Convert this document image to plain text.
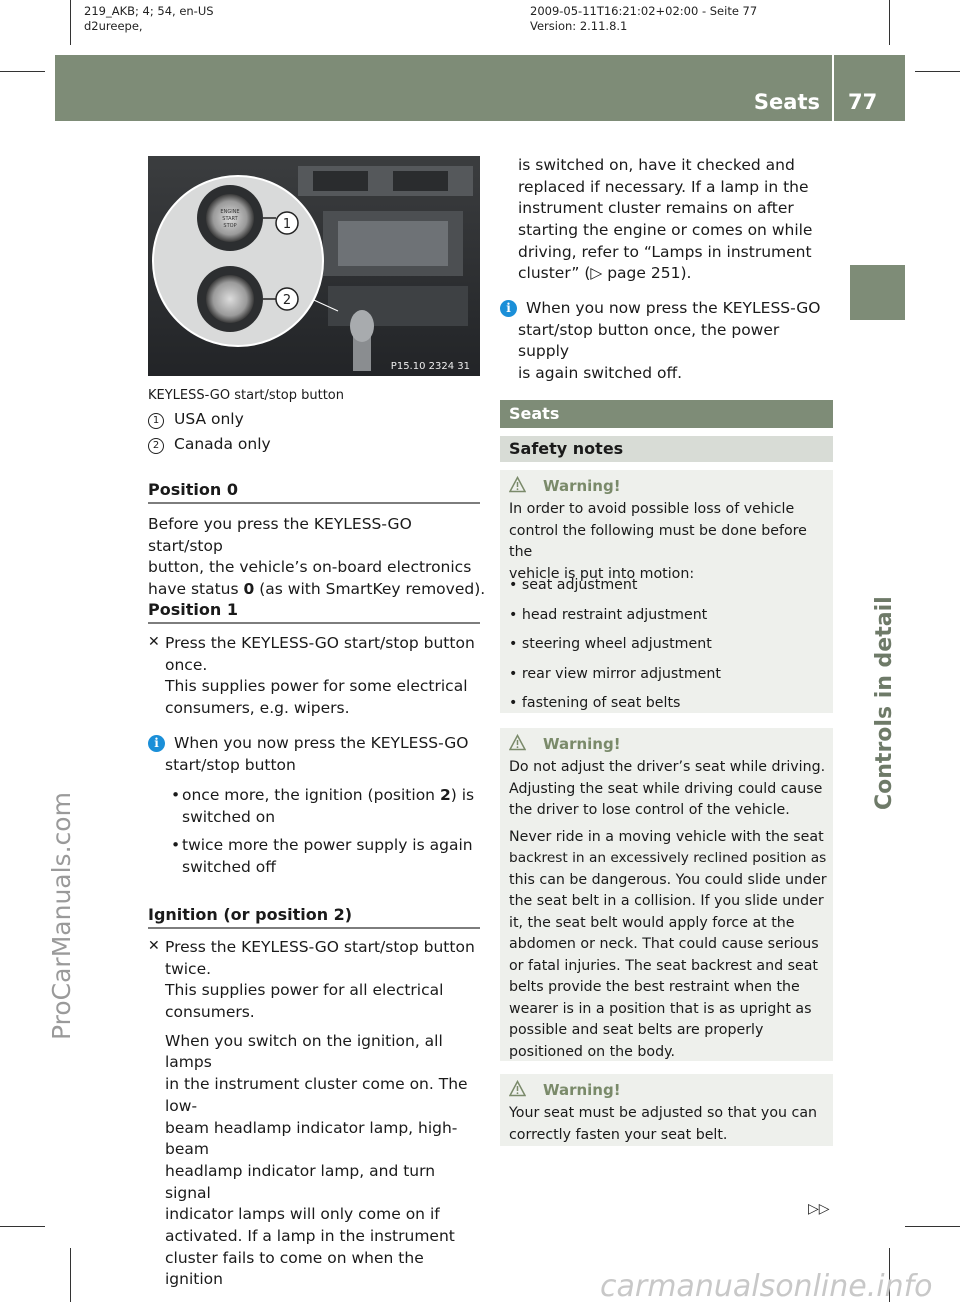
219_AKB; 4; 54, en-US
d2ureepe,
2009-05-11T16:21:02+02:00 - Seite 77
Version: 2.11.8.1
Seats 77
Controls in detail
ProCarManuals.com
ENGINE
START
STOP	1
2
P15.10 2324 31
KEYLESS-GO start/stop button
1 USA only
2 Canada only
Position 0
Before you press the KEYLESS-GO start/stop
button, the vehicle’s on-board electronics
have status 0 (as with SmartKey removed).
Position 1
✕ Press the KEYLESS-GO start/stop button
once.
This supplies power for some electrical
consumers, e.g. wipers.
i When you now press the KEYLESS-GO
start/stop button
• once more, the ignition (position 2) is
switched on
• twice more the power supply is again
switched off
Ignition (or position 2)
✕ Press the KEYLESS-GO start/stop button
twice.
This supplies power for all electrical
consumers.
When you switch on the ignition, all lamps
in the instrument cluster come on. The low-
beam headlamp indicator lamp, high-beam
headlamp indicator lamp, and turn signal
indicator lamps will only come on if
activated. If a lamp in the instrument
cluster fails to come on when the ignition
is switched on, have it checked and
replaced if necessary. If a lamp in the
instrument cluster remains on after
starting the engine or comes on while
driving, refer to “Lamps in instrument
cluster” (▷ page 251).
i When you now press the KEYLESS-GO
start/stop button once, the power supply
is again switched off.
Seats
Safety notes
Warning!
In order to avoid possible loss of vehicle
control the following must be done before the
vehicle is put into motion:
• seat adjustment
• head restraint adjustment
• steering wheel adjustment
• rear view mirror adjustment
• fastening of seat belts
Warning!
Do not adjust the driver’s seat while driving.
Adjusting the seat while driving could cause
the driver to lose control of the vehicle.
Never ride in a moving vehicle with the seat
backrest in an excessively reclined position as
this can be dangerous. You could slide under
the seat belt in a collision. If you slide under
it, the seat belt would apply force at the
abdomen or neck. That could cause serious
or fatal injuries. The seat backrest and seat
belts provide the best restraint when the
wearer is in a position that is as upright as
possible and seat belts are properly
positioned on the body.
Warning!
Your seat must be adjusted so that you can
correctly fasten your seat belt.
▷▷
carmanualsonline.info
